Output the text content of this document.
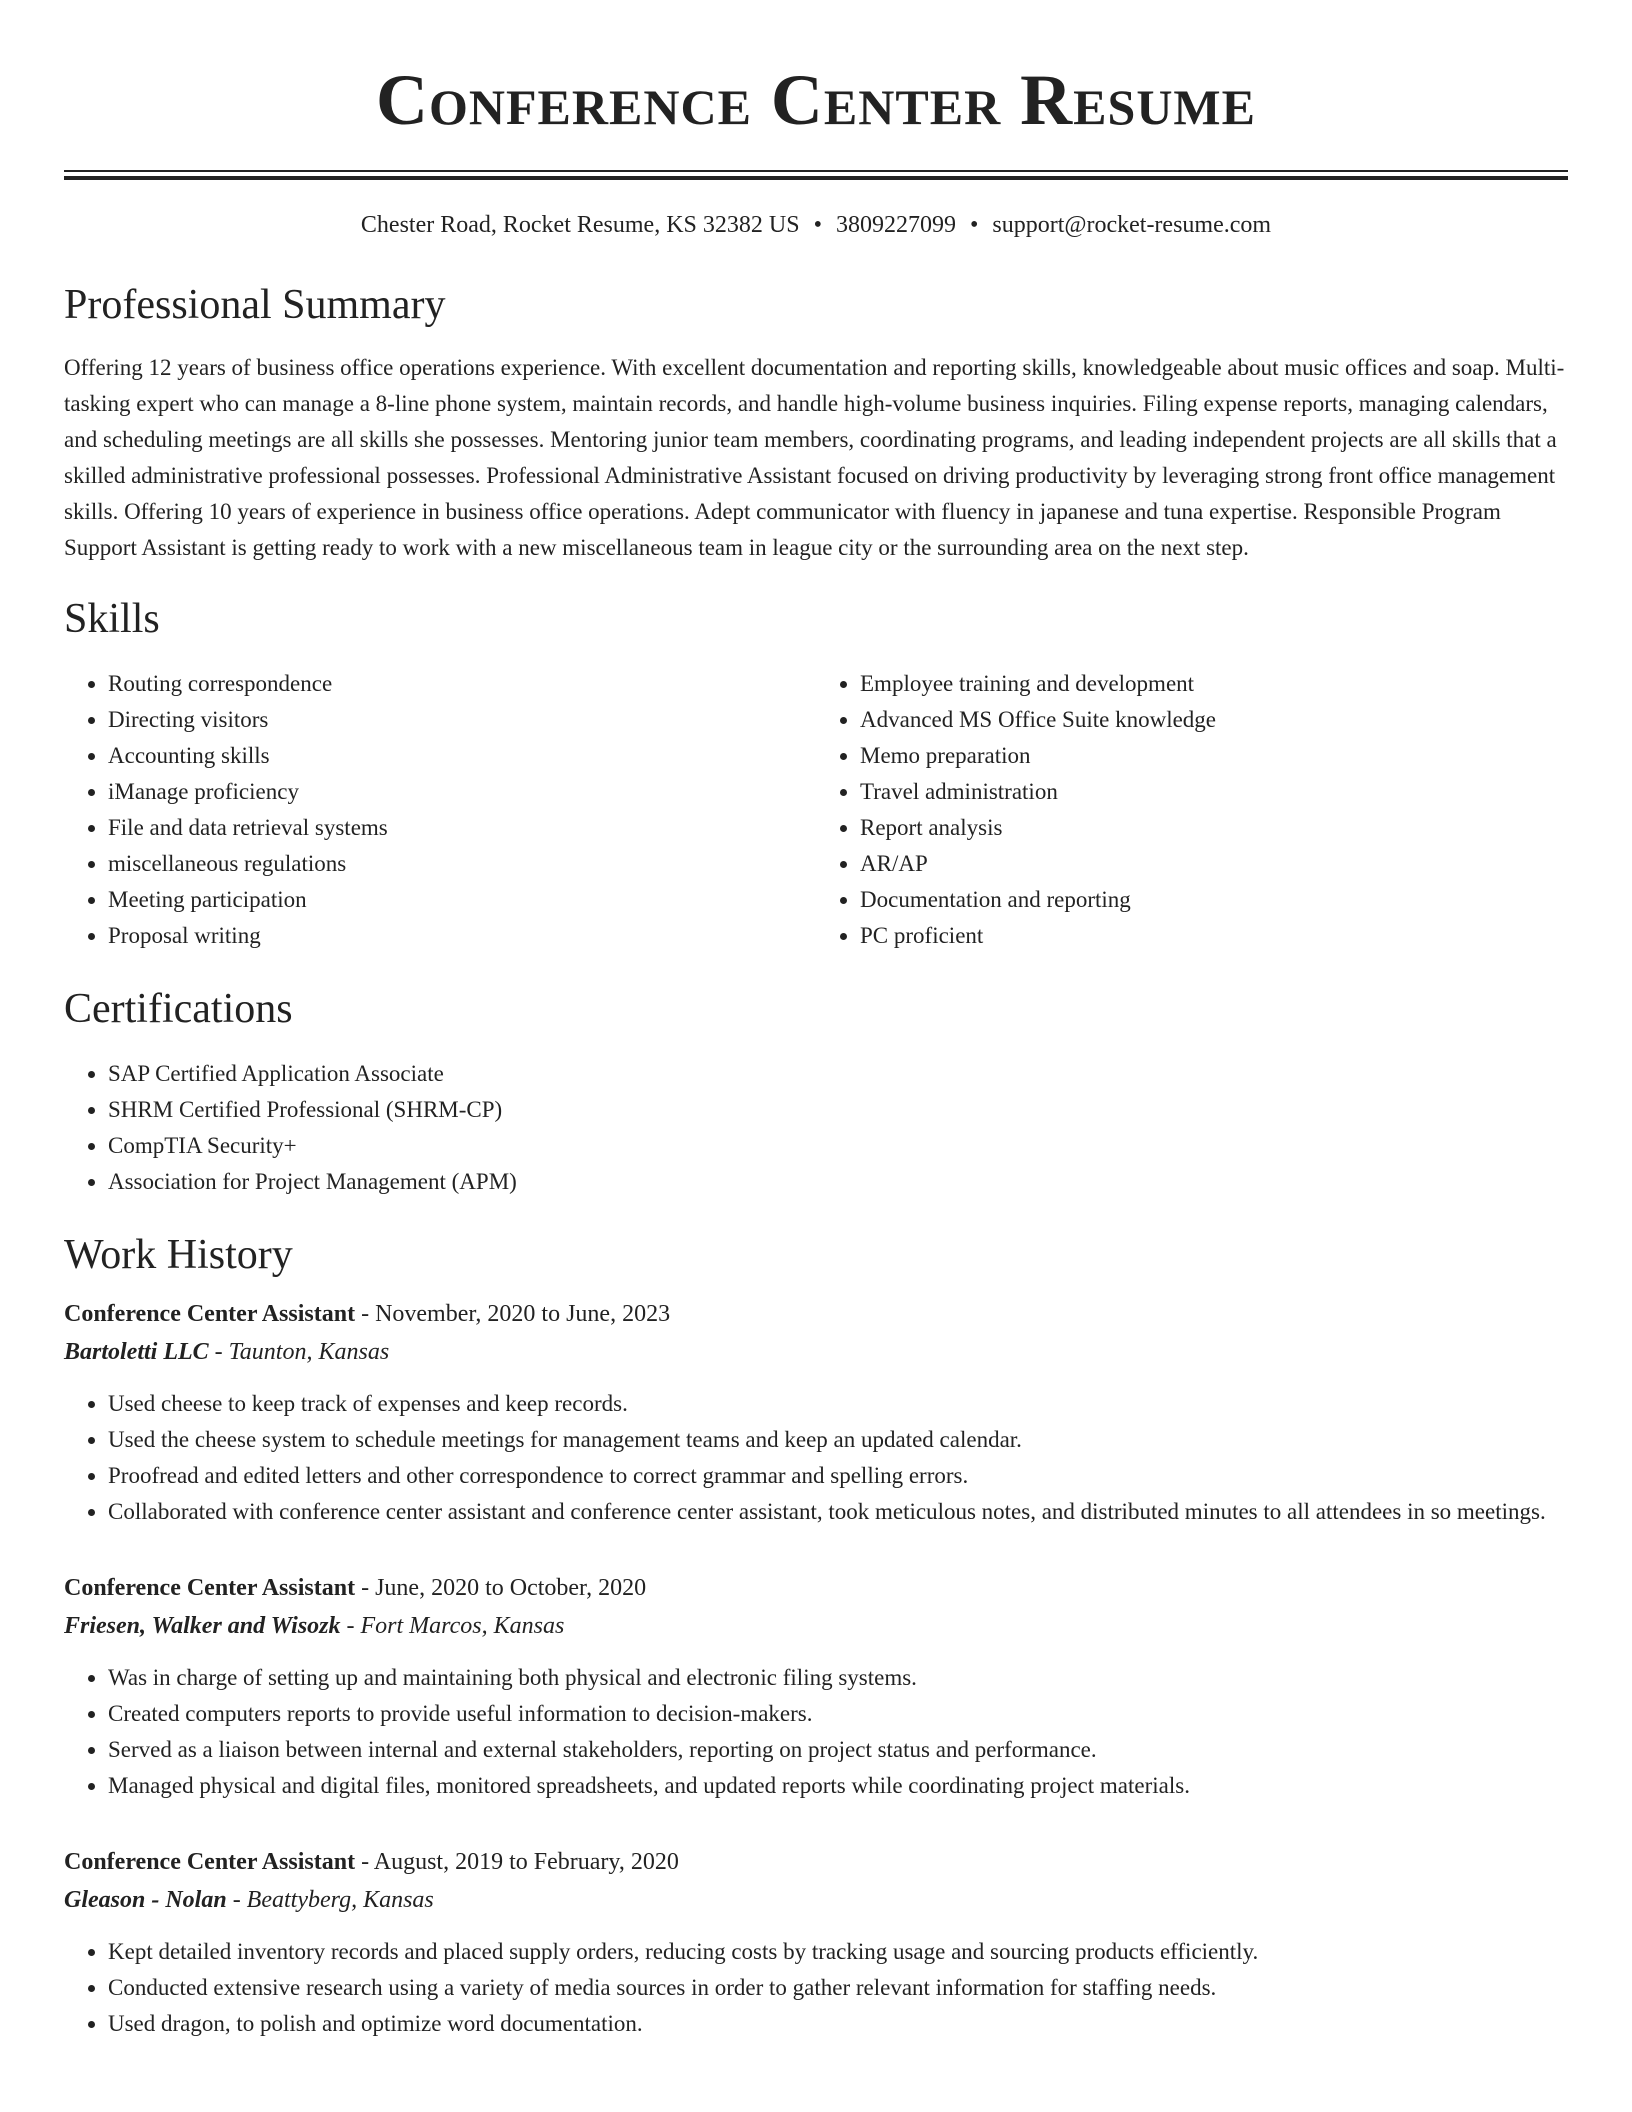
Conference Center Resume
Chester Road, Rocket Resume, KS 32382 US • 3809227099 • support@rocket-resume.com
Professional Summary

Offering 12 years of business office operations experience. With excellent documentation and reporting skills, knowledgeable about music offices and soap. Multi-tasking expert who can manage a 8-line phone system, maintain records, and handle high-volume business inquiries. Filing expense reports, managing calendars, and scheduling meetings are all skills she possesses. Mentoring junior team members, coordinating programs, and leading independent projects are all skills that a skilled administrative professional possesses. Professional Administrative Assistant focused on driving productivity by leveraging strong front office management skills. Offering 10 years of experience in business office operations. Adept communicator with fluency in japanese and tuna expertise. Responsible Program Support Assistant is getting ready to work with a new miscellaneous team in league city or the surrounding area on the next step.

Skills
• Routing correspondence
• Directing visitors
• Accounting skills
• iManage proficiency
• File and data retrieval systems
• miscellaneous regulations
• Meeting participation
• Proposal writing
• Employee training and development
• Advanced MS Office Suite knowledge
• Memo preparation
• Travel administration
• Report analysis
• AR/AP
• Documentation and reporting
• PC proficient
Certifications
• SAP Certified Application Associate
• SHRM Certified Professional (SHRM-CP)
• CompTIA Security+
• Association for Project Management (APM)
Work History
Conference Center Assistant - November, 2020 to June, 2023
Bartoletti LLC - Taunton, Kansas
• Used cheese to keep track of expenses and keep records.
• Used the cheese system to schedule meetings for management teams and keep an updated calendar.
• Proofread and edited letters and other correspondence to correct grammar and spelling errors.
• Collaborated with conference center assistant and conference center assistant, took meticulous notes, and distributed minutes to all attendees in so meetings.
Conference Center Assistant - June, 2020 to October, 2020
Friesen, Walker and Wisozk - Fort Marcos, Kansas
• Was in charge of setting up and maintaining both physical and electronic filing systems.
• Created computers reports to provide useful information to decision-makers.
• Served as a liaison between internal and external stakeholders, reporting on project status and performance.
• Managed physical and digital files, monitored spreadsheets, and updated reports while coordinating project materials.
Conference Center Assistant - August, 2019 to February, 2020
Gleason - Nolan - Beattyberg, Kansas
• Kept detailed inventory records and placed supply orders, reducing costs by tracking usage and sourcing products efficiently.
• Conducted extensive research using a variety of media sources in order to gather relevant information for staffing needs.
• Used dragon, to polish and optimize word documentation.
